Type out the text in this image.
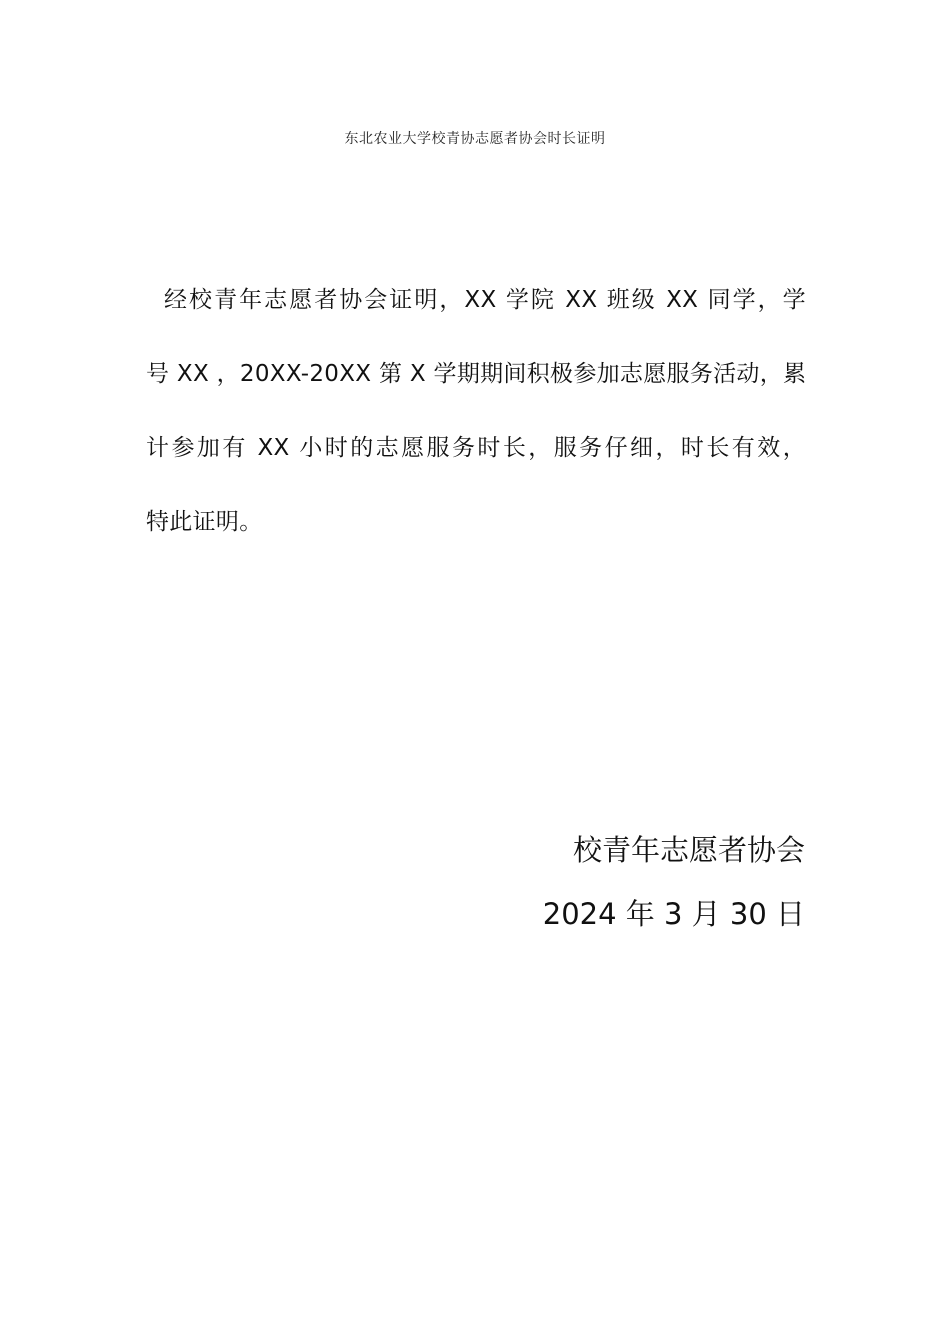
东北农业大学校青协志愿者协会时长证明
经校青年志愿者协会证明，XX 学院 XX 班级 XX 同学，学
号 XX ，20XX-20XX 第 X 学期期间积极参加志愿服务活动，累
计参加有 XX 小时的志愿服务时长，服务仔细，时长有效，
特此证明。
校青年志愿者协会
2024 年 3 月 30 日
